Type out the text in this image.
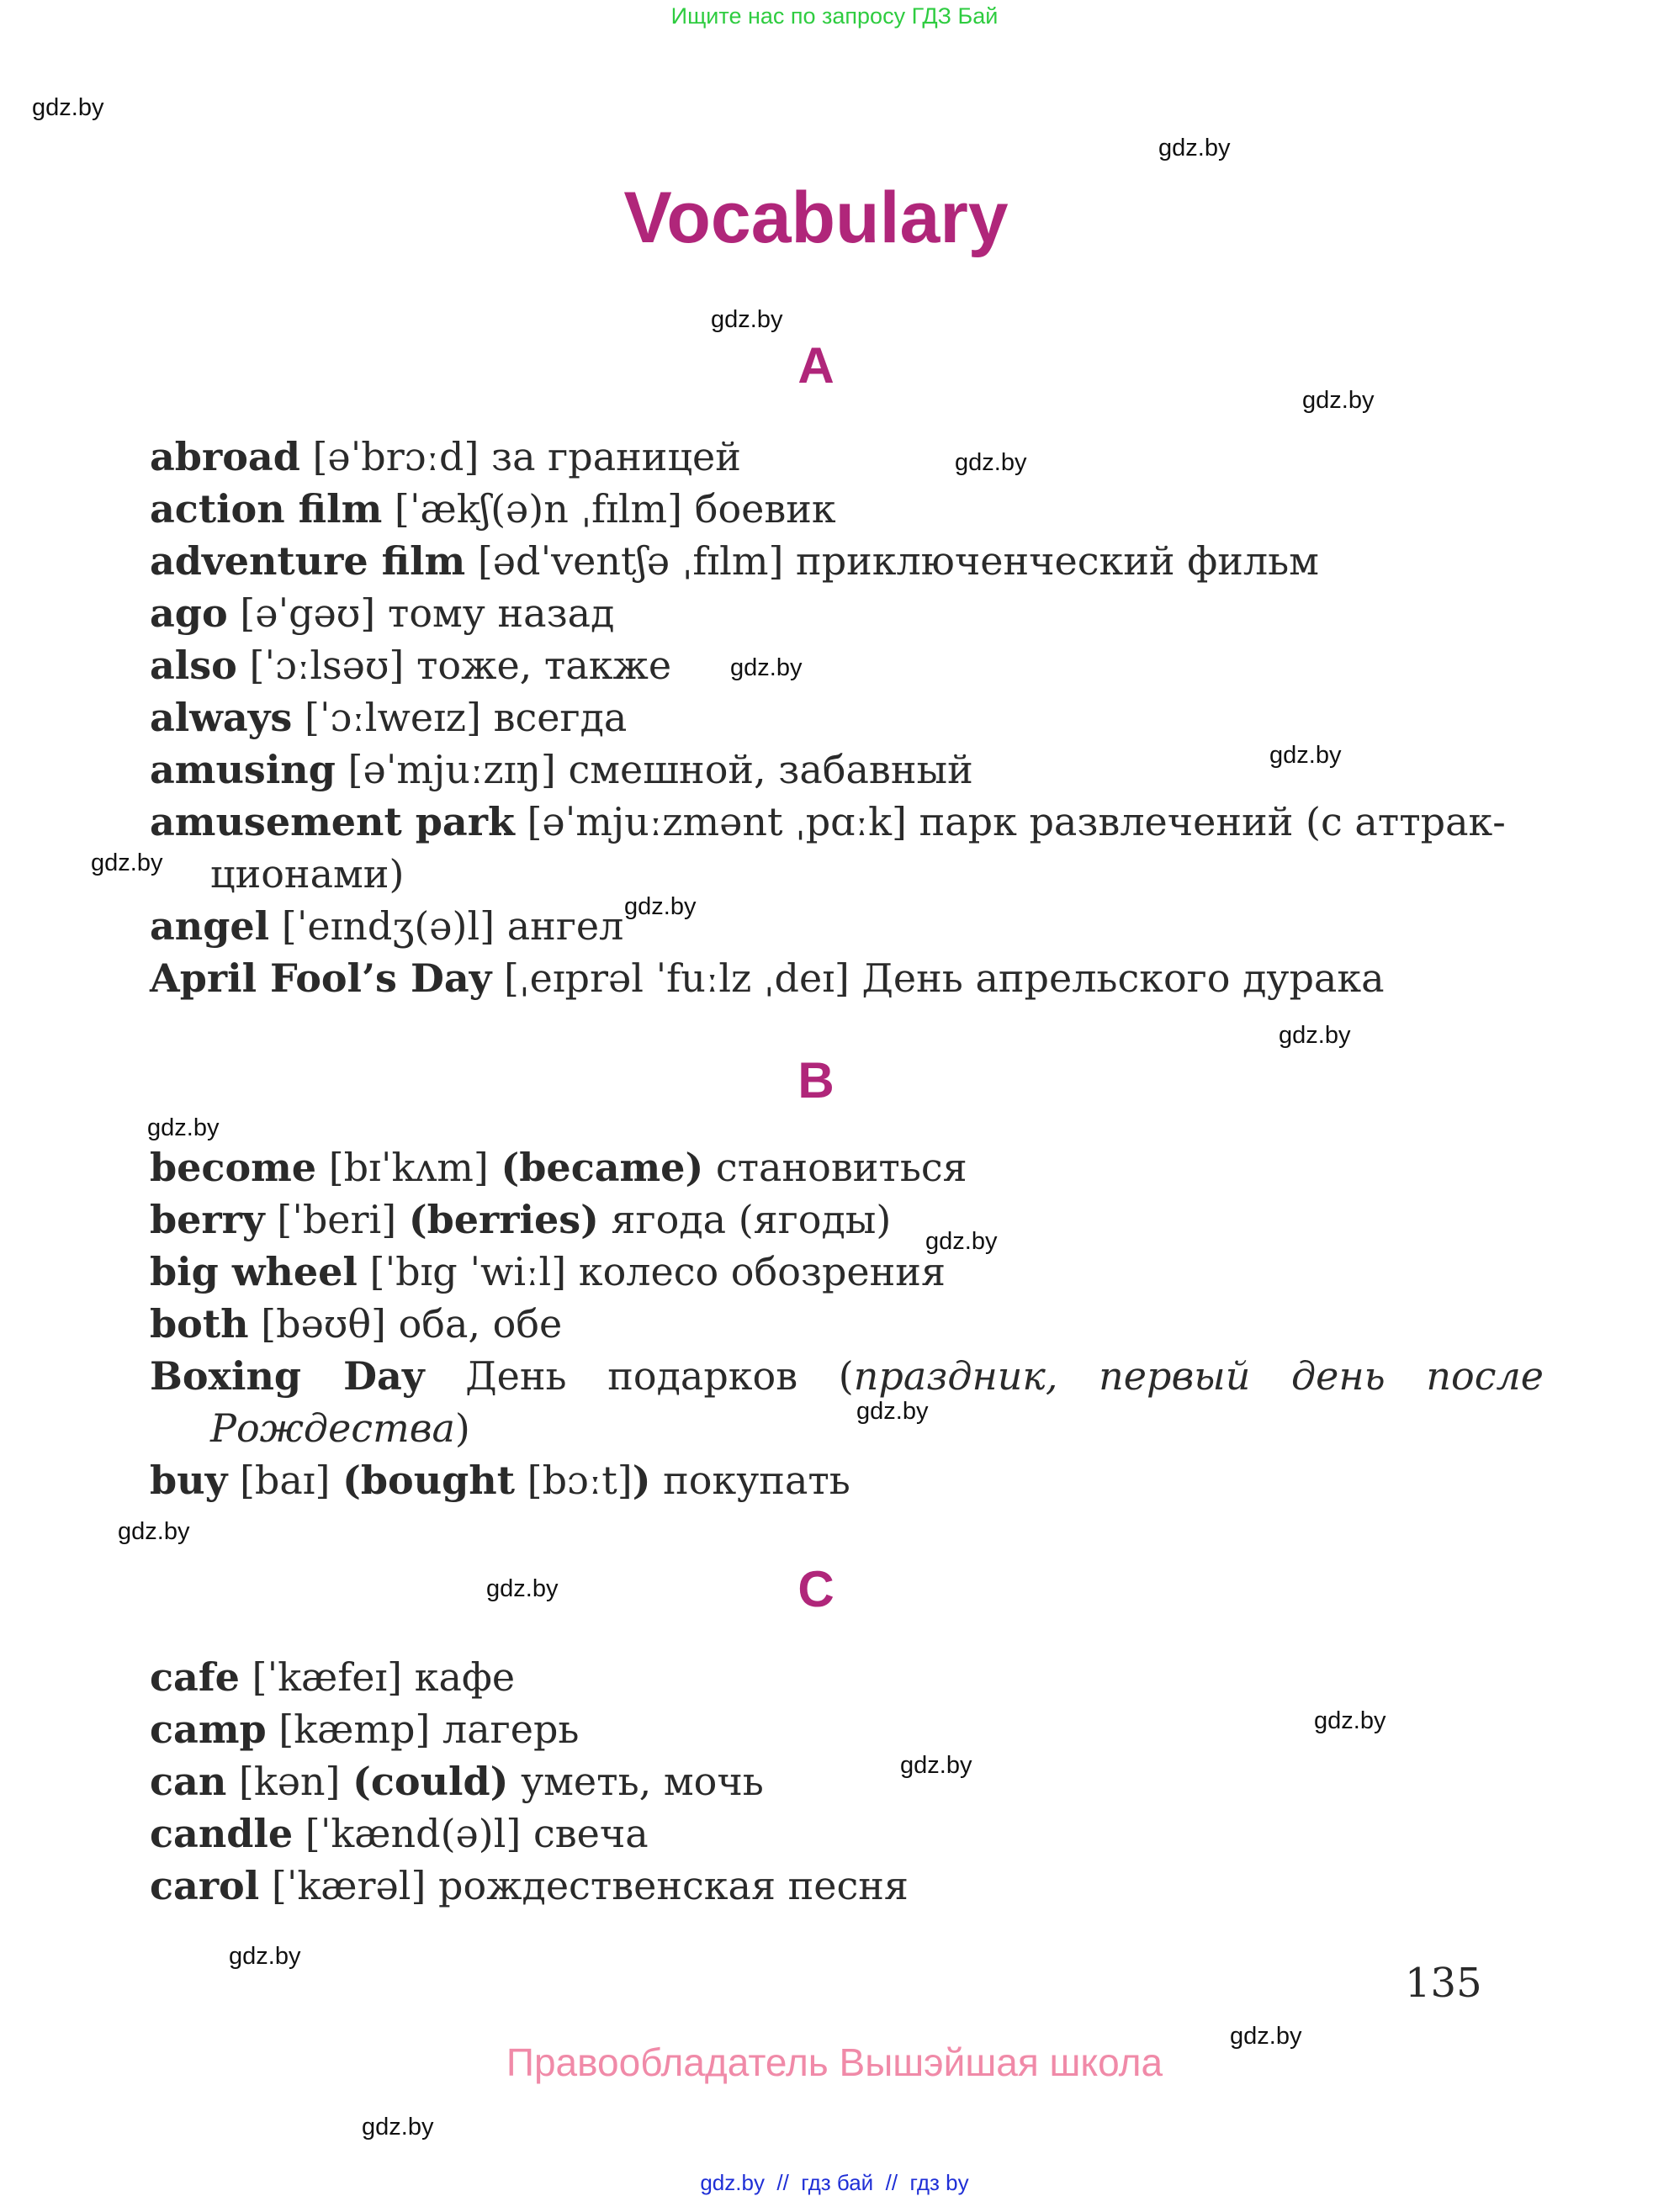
Ищите нас по запросу ГДЗ Бай
gdz.by
gdz.by
gdz.by
gdz.by
gdz.by
gdz.by
gdz.by
gdz.by
gdz.by
gdz.by
gdz.by
gdz.by
gdz.by
gdz.by
gdz.by
gdz.by
gdz.by
gdz.by
gdz.by
gdz.by
Vocabulary
A
abroad [əˈbrɔːd] за границей
action film [ˈækʃ(ə)n ˌfɪlm] боевик
adventure film [ədˈventʃə ˌfɪlm] приключенческий фильм
ago [əˈgəʊ] тому назад
also [ˈɔːlsəʊ] тоже, также
always [ˈɔːlweɪz] всегда
amusing [əˈmjuːzɪŋ] смешной, забавный
amusement park [əˈmjuːzmənt ˌpɑːk] парк развлечений (с аттрак-ционами)
angel [ˈeɪndʒ(ə)l] ангел
April Fool’s Day [ˌeɪprəl ˈfuːlz ˌdeɪ] День апрельского дурака
B
become [bɪˈkʌm] (became) становиться
berry [ˈberi] (berries) ягода (ягоды)
big wheel [ˈbɪg ˈwiːl] колесо обозрения
both [bəʊθ] оба, обе
Boxing Day День подарков (праздник, первый день после Рождества)
buy [baɪ] (bought [bɔːt]) покупать
C
cafe [ˈkæfeɪ] кафе
camp [kæmp] лагерь
can [kən] (could) уметь, мочь
candle [ˈkænd(ə)l] свеча
carol [ˈkærəl] рождественская песня
135
Правообладатель Вышэйшая школа
gdz.by  //  гдз бай  //  гдз by
